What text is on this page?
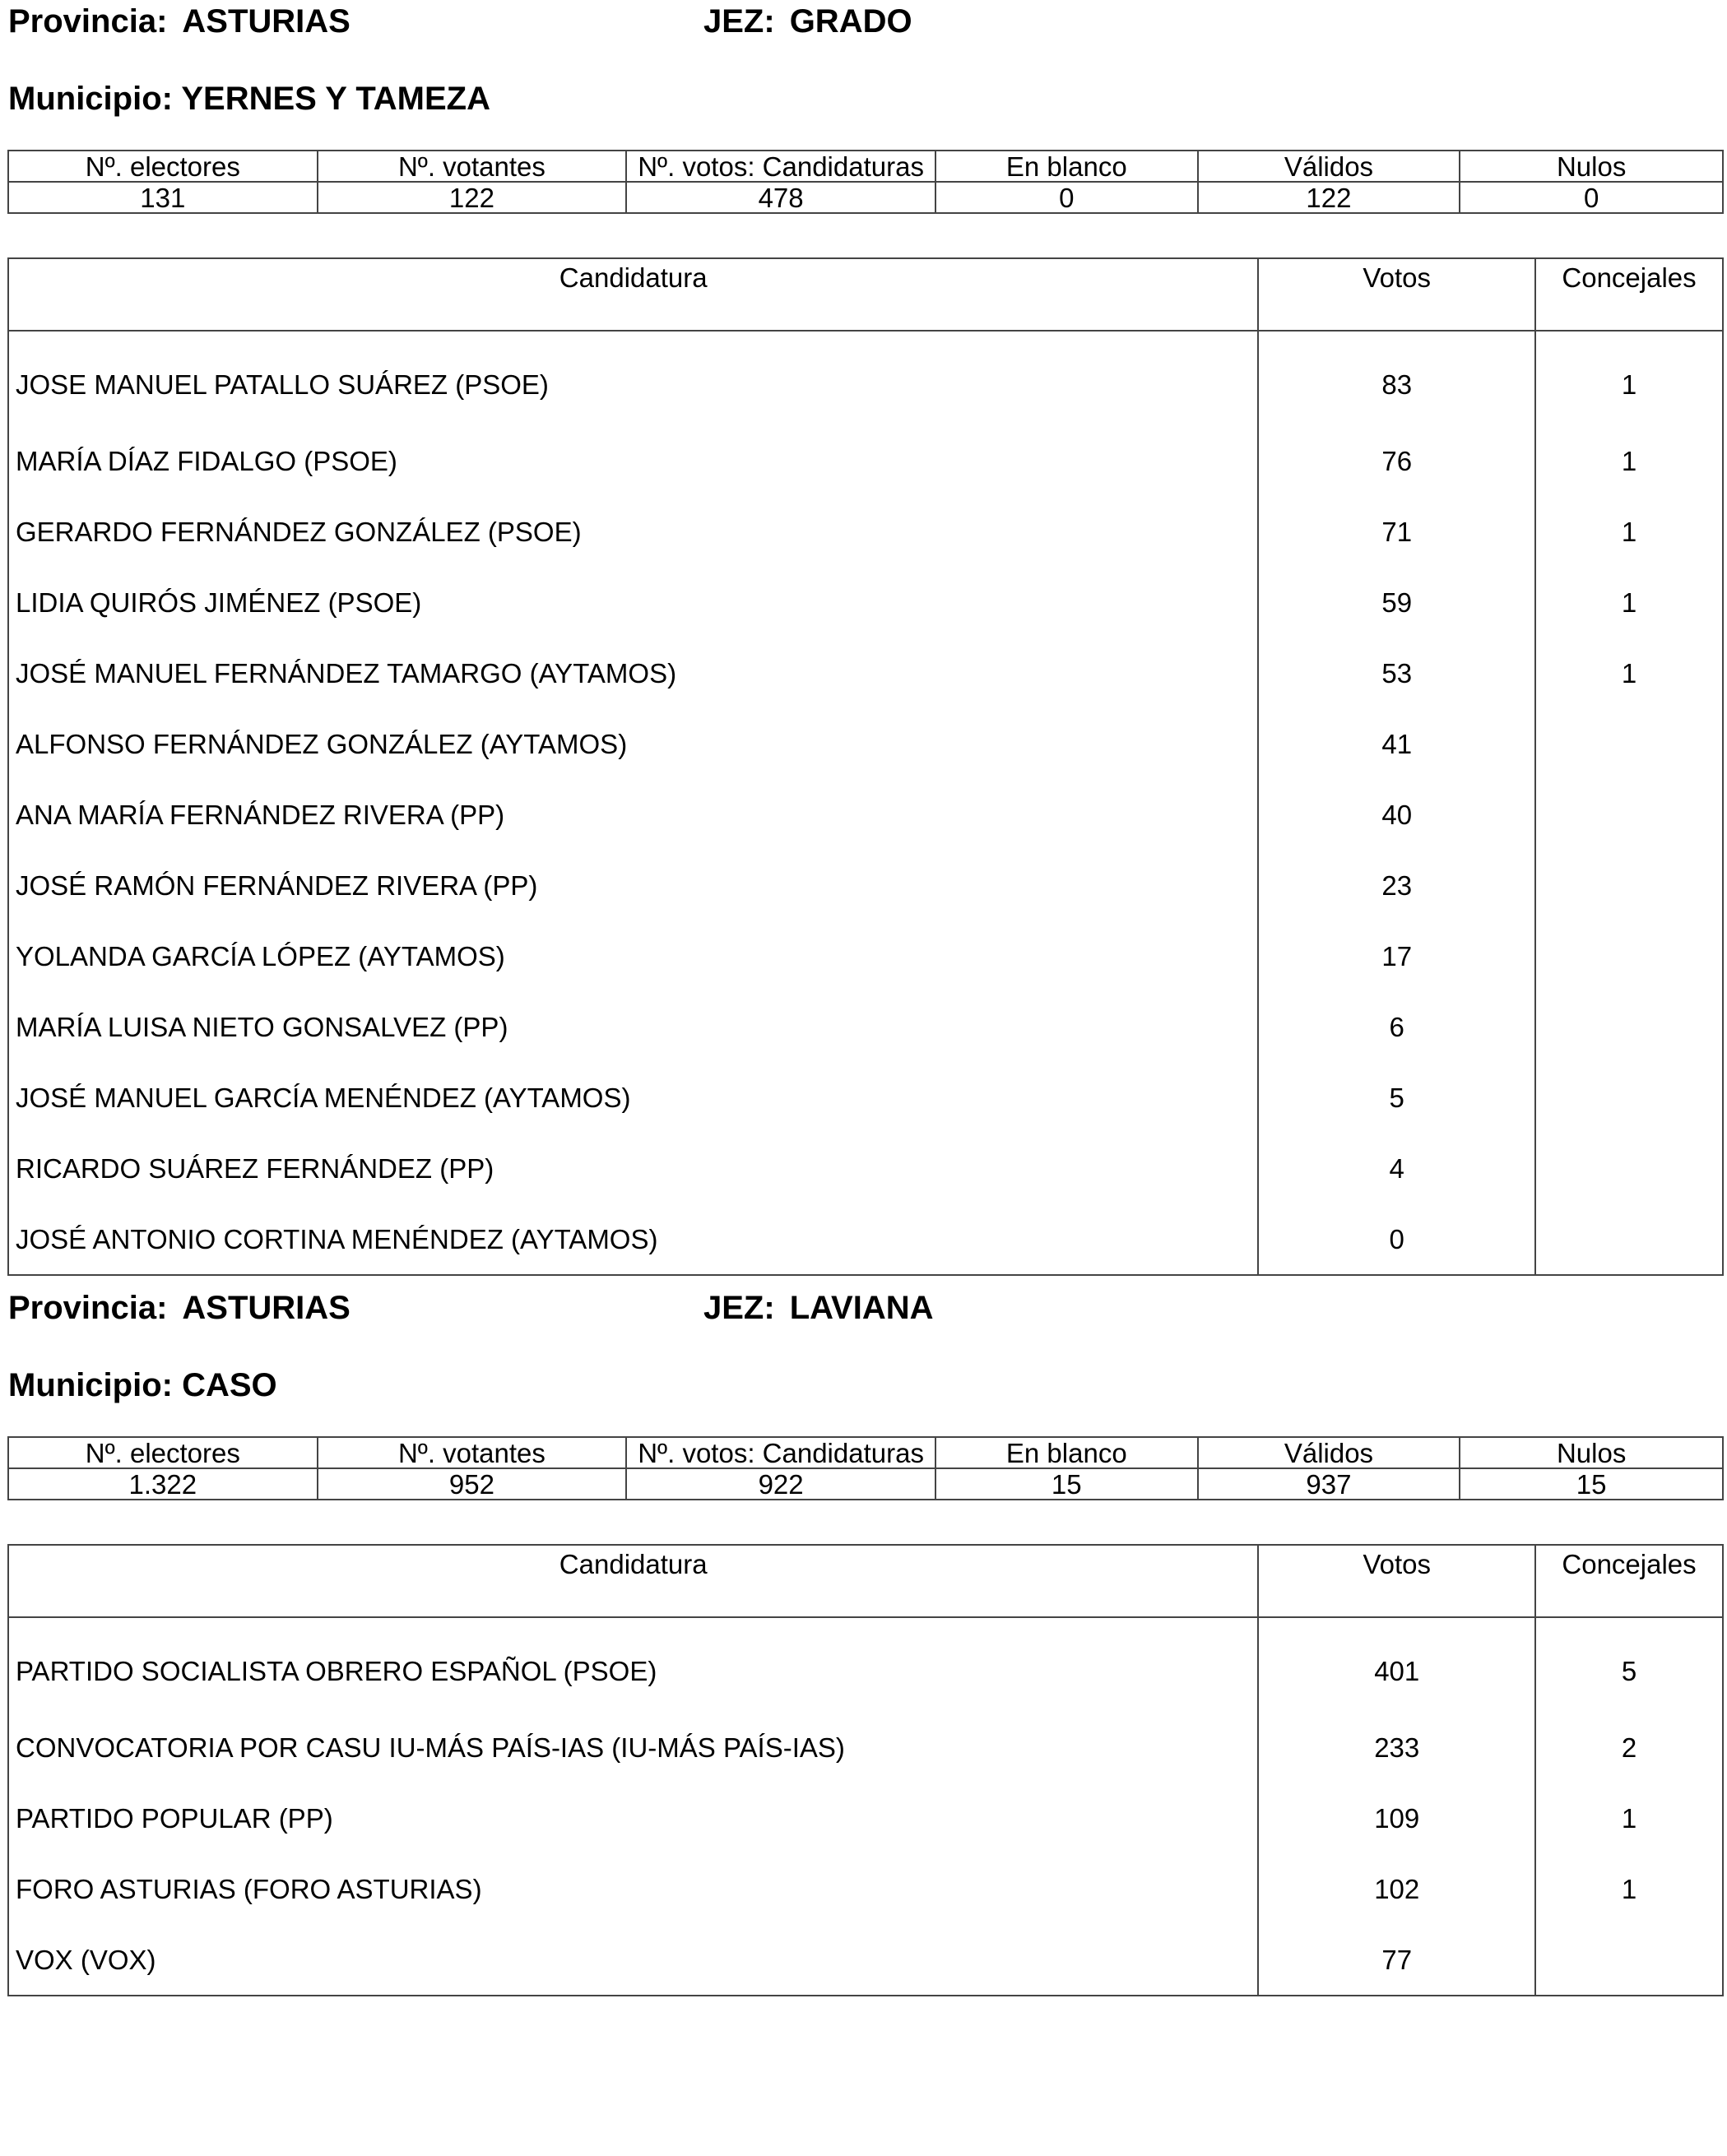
Provincia: ASTURIAS	JEZ: GRADO
Municipio: YERNES Y TAMEZA
Nº. electores	Nº. votantes	Nº. votos: Candidaturas	En blanco	Válidos	Nulos
131	122	478	0	122	0
Candidatura	Votos	Concejales
JOSE MANUEL PATALLO SUÁREZ (PSOE)	83	1
MARÍA DÍAZ FIDALGO (PSOE)	76	1
GERARDO FERNÁNDEZ GONZÁLEZ (PSOE)	71	1
LIDIA QUIRÓS JIMÉNEZ (PSOE)	59	1
JOSÉ MANUEL FERNÁNDEZ TAMARGO (AYTAMOS)	53	1
ALFONSO FERNÁNDEZ GONZÁLEZ (AYTAMOS)	41	
ANA MARÍA FERNÁNDEZ RIVERA (PP)	40	
JOSÉ RAMÓN FERNÁNDEZ RIVERA (PP)	23	
YOLANDA GARCÍA LÓPEZ (AYTAMOS)	17	
MARÍA LUISA NIETO GONSALVEZ (PP)	6	
JOSÉ MANUEL GARCÍA MENÉNDEZ (AYTAMOS)	5	
RICARDO SUÁREZ FERNÁNDEZ (PP)	4	
JOSÉ ANTONIO CORTINA MENÉNDEZ (AYTAMOS)	0	
Provincia: ASTURIAS	JEZ: LAVIANA
Municipio: CASO
Nº. electores	Nº. votantes	Nº. votos: Candidaturas	En blanco	Válidos	Nulos
1.322	952	922	15	937	15
Candidatura	Votos	Concejales
PARTIDO SOCIALISTA OBRERO ESPAÑOL (PSOE)	401	5
CONVOCATORIA POR CASU IU-MÁS PAÍS-IAS (IU-MÁS PAÍS-IAS)	233	2
PARTIDO POPULAR (PP)	109	1
FORO ASTURIAS (FORO ASTURIAS)	102	1
VOX (VOX)	77	
